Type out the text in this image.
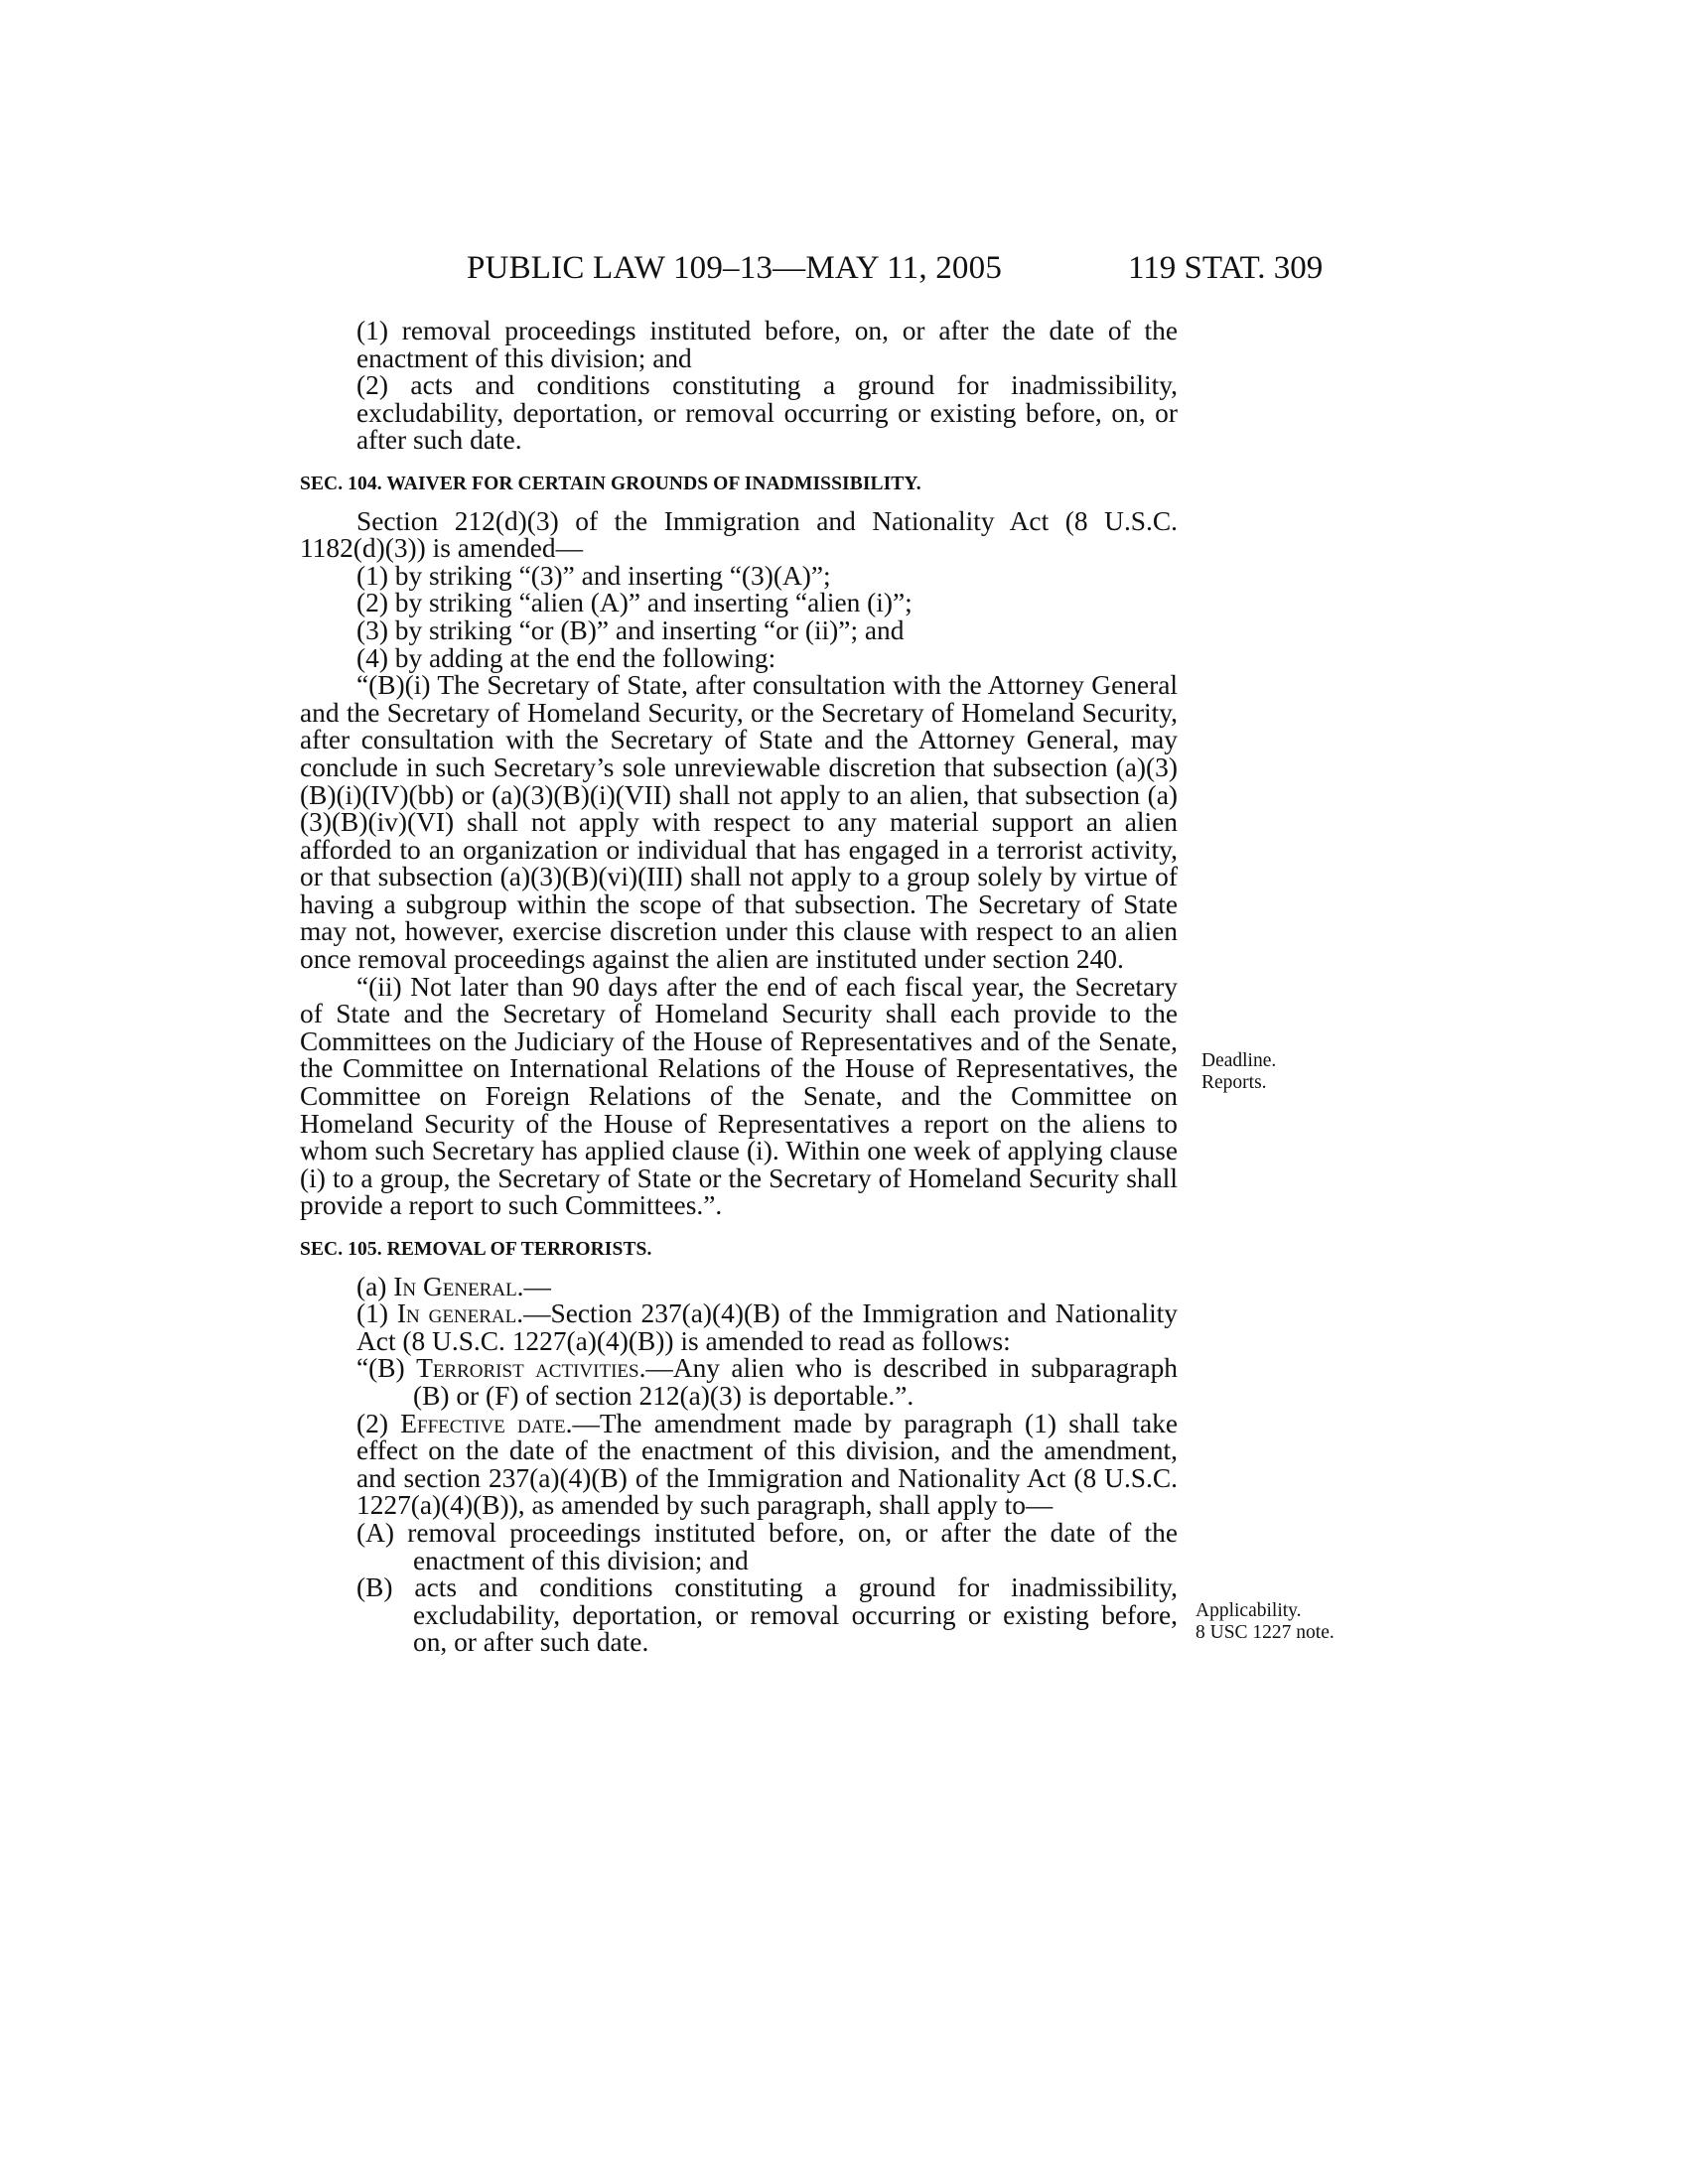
PUBLIC LAW 109–13—MAY 11, 2005	119 STAT. 309

(1) removal proceedings instituted before, on, or after the date of the enactment of this division; and

(2) acts and conditions constituting a ground for inadmissibility, excludability, deportation, or removal occurring or existing before, on, or after such date.

SEC. 104. WAIVER FOR CERTAIN GROUNDS OF INADMISSIBILITY.

Section 212(d)(3) of the Immigration and Nationality Act (8 U.S.C. 1182(d)(3)) is amended—

(1) by striking “(3)” and inserting “(3)(A)”;

(2) by striking “alien (A)” and inserting “alien (i)”;

(3) by striking “or (B)” and inserting “or (ii)”; and

(4) by adding at the end the following:

“(B)(i) The Secretary of State, after consultation with the Attorney General and the Secretary of Homeland Security, or the Secretary of Homeland Security, after consultation with the Secretary of State and the Attorney General, may conclude in such Secretary’s sole unreviewable discretion that subsection (a)(3)(B)(i)(IV)(bb) or (a)(3)(B)(i)(VII) shall not apply to an alien, that subsection (a)(3)(B)(iv)(VI) shall not apply with respect to any material support an alien afforded to an organization or individual that has engaged in a terrorist activity, or that subsection (a)(3)(B)(vi)(III) shall not apply to a group solely by virtue of having a subgroup within the scope of that subsection. The Secretary of State may not, however, exercise discretion under this clause with respect to an alien once removal proceedings against the alien are instituted under section 240.

“(ii) Not later than 90 days after the end of each fiscal year, the Secretary of State and the Secretary of Homeland Security shall each provide to the Committees on the Judiciary of the House of Representatives and of the Senate, the Committee on International Relations of the House of Representatives, the Committee on Foreign Relations of the Senate, and the Committee on Homeland Security of the House of Representatives a report on the aliens to whom such Secretary has applied clause (i). Within one week of applying clause (i) to a group, the Secretary of State or the Secretary of Homeland Security shall provide a report to such Committees.”.

SEC. 105. REMOVAL OF TERRORISTS.

(a) In General.—

(1) In general.—Section 237(a)(4)(B) of the Immigration and Nationality Act (8 U.S.C. 1227(a)(4)(B)) is amended to read as follows:

“(B) Terrorist activities.—Any alien who is described in subparagraph (B) or (F) of section 212(a)(3) is deportable.”.

(2) Effective date.—The amendment made by paragraph (1) shall take effect on the date of the enactment of this division, and the amendment, and section 237(a)(4)(B) of the Immigration and Nationality Act (8 U.S.C. 1227(a)(4)(B)), as amended by such paragraph, shall apply to—

(A) removal proceedings instituted before, on, or after the date of the enactment of this division; and

(B) acts and conditions constituting a ground for inadmissibility, excludability, deportation, or removal occurring or existing before, on, or after such date.

Deadline.
Reports.
Applicability.
8 USC 1227 note.
